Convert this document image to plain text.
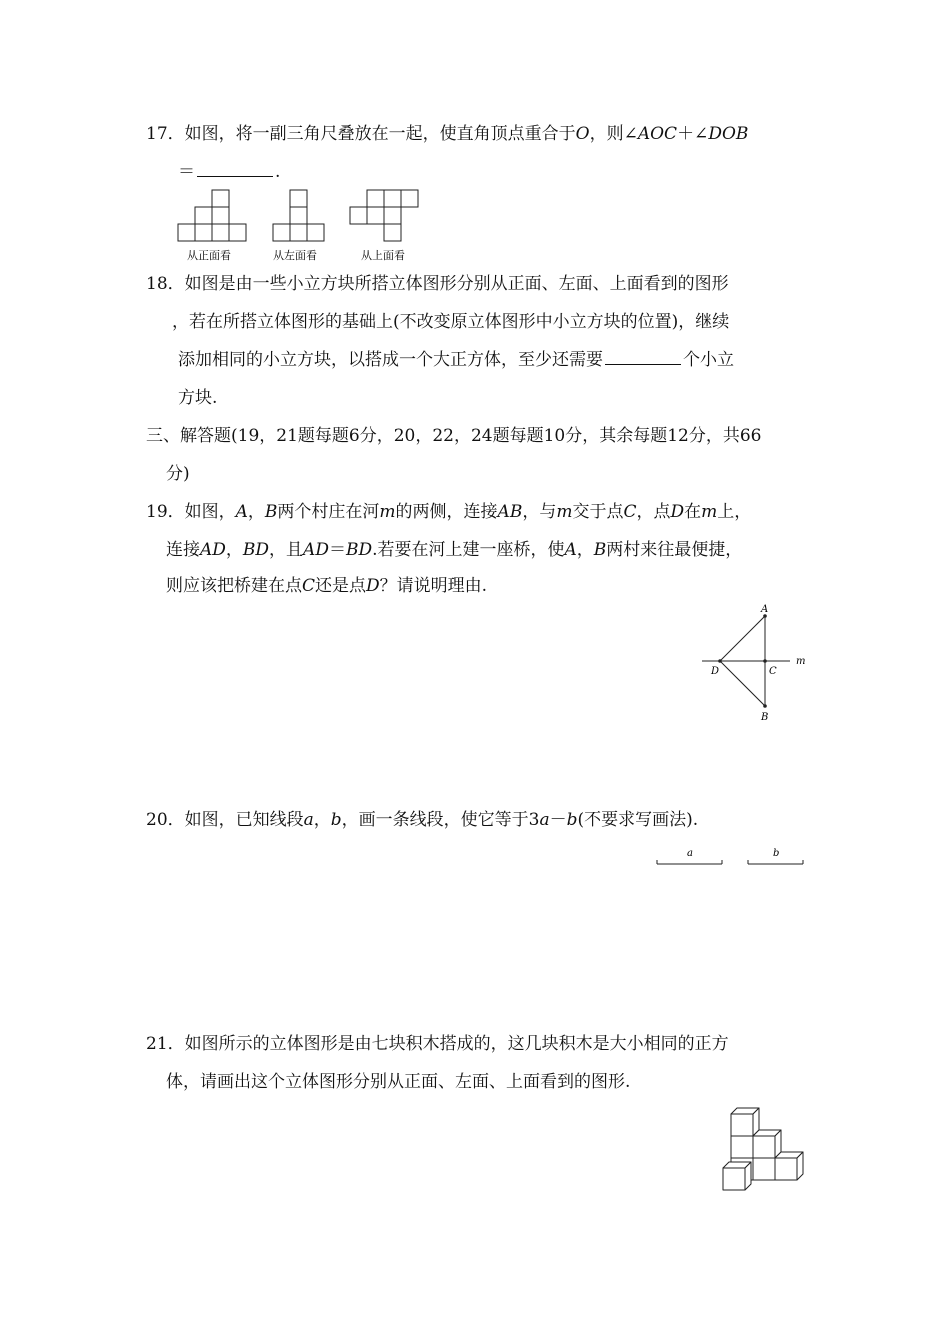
17．如图，将一副三角尺叠放在一起，使直角顶点重合于O，则∠AOC＋∠DOB
＝	.
从正面看	从左面看	从上面看
18．如图是由一些小立方块所搭立体图形分别从正面、左面、上面看到的图形
，若在所搭立体图形的基础上(不改变原立体图形中小立方块的位置)，继续
添加相同的小立方块，以搭成一个大正方体，至少还需要	个小立
方块.
三、解答题(19，21题每题6分，20，22，24题每题10分，其余每题12分，共66
分)
19．如图，A，B两个村庄在河m的两侧，连接AB，与m交于点C，点D在m上，
连接AD，BD，且AD＝BD.若要在河上建一座桥，使A，B两村来往最便捷，
则应该把桥建在点C还是点D？请说明理由.
A
B
C
D
m
20．如图，已知线段a，b，画一条线段，使它等于3a－b(不要求写画法).
a	b
21．如图所示的立体图形是由七块积木搭成的，这几块积木是大小相同的正方
体，请画出这个立体图形分别从正面、左面、上面看到的图形.
